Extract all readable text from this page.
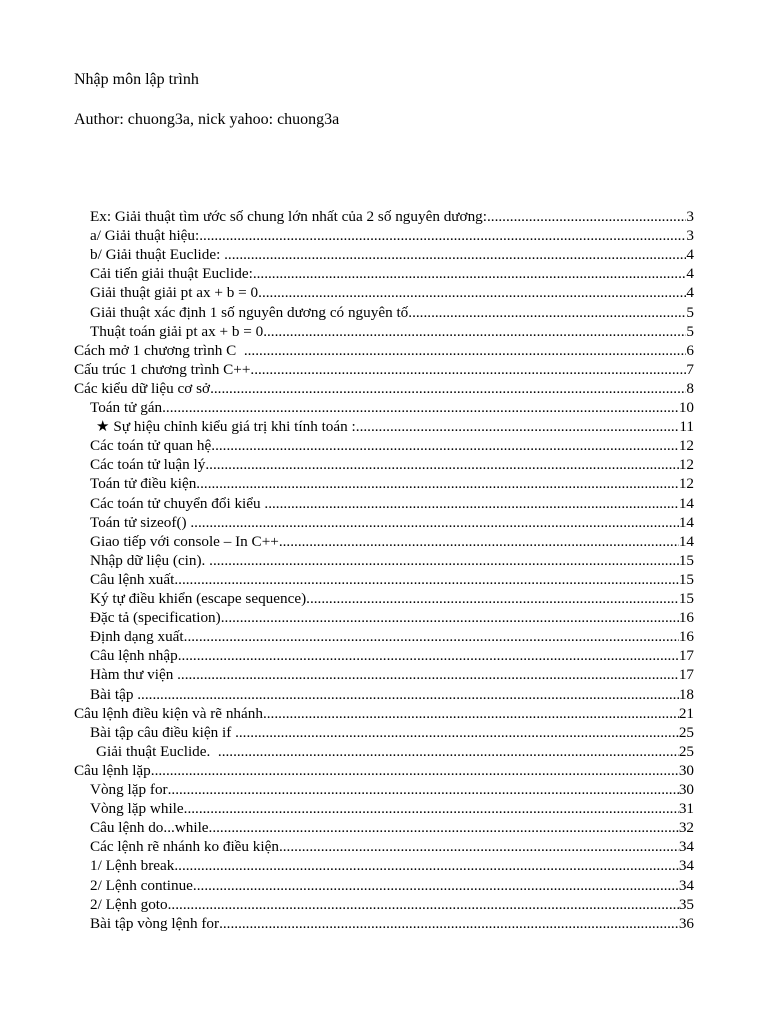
Nhập môn lập trình
Author: chuong3a, nick yahoo: chuong3a
Ex: Giải thuật tìm ước số chung lớn nhất của 2 số nguyên dương: .....	3
a/ Giải thuật hiệu: .....	3
b/ Giải thuật Euclide: .....	4
Cải tiến giải thuật Euclide: .....	4
Giải thuật giải pt ax + b = 0 .....	4
Giải thuật xác định 1 số nguyên dương có nguyên tố .....	5
Thuật toán giải pt ax + b = 0 .....	5
Cách mở 1 chương trình C .....	6
Cấu trúc 1 chương trình C++ .....	7
Các kiểu dữ liệu cơ sở .....	8
Toán tử gán .....	10
★ Sự hiệu chỉnh kiểu giá trị khi tính toán : .....	11
Các toán tử quan hệ .....	12
Các toán tử luận lý .....	12
Toán tử điều kiện .....	12
Các toán tử chuyển đổi kiểu .....	14
Toán tử sizeof() .....	14
Giao tiếp với console – In C++ .....	14
Nhập dữ liệu (cin). .....	15
Câu lệnh xuất .....	15
Ký tự điều khiển (escape sequence) .....	15
Đặc tả (specification) .....	16
Định dạng xuất .....	16
Câu lệnh nhập .....	17
Hàm thư viện .....	17
Bài tập .....	18
Câu lệnh điều kiện và rẽ nhánh .....	21
Bài tập câu điều kiện if .....	25
Giải thuật Euclide. .....	25
Câu lệnh lặp .....	30
Vòng lặp for .....	30
Vòng lặp while .....	31
Câu lệnh do...while .....	32
Các lệnh rẽ nhánh ko điều kiện .....	34
1/ Lệnh break .....	34
2/ Lệnh continue .....	34
2/ Lệnh goto .....	35
Bài tập vòng lệnh for .....	36
